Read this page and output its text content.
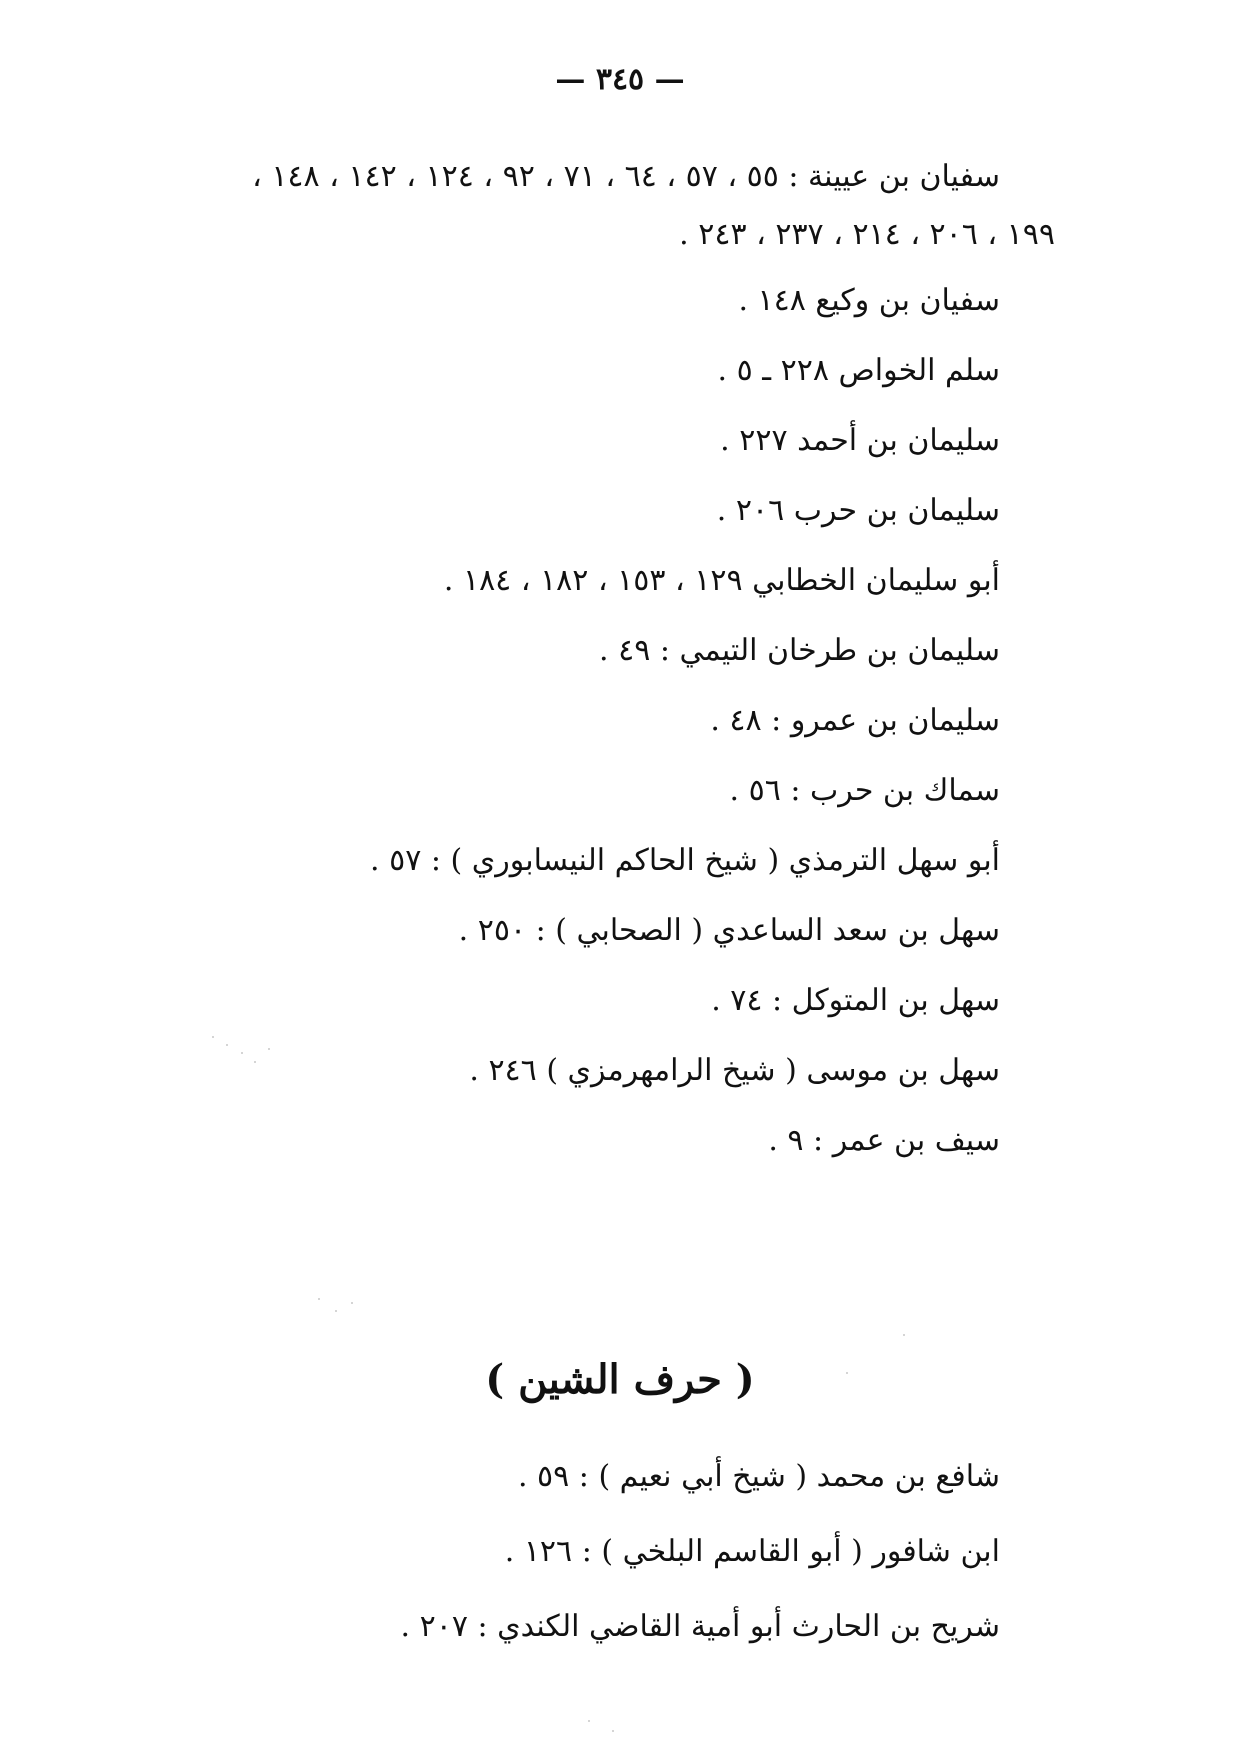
— ٣٤٥ —
سفيان بن عيينة : ٥٥ ، ٥٧ ، ٦٤ ، ٧١ ، ٩٢ ، ١٢٤ ، ١٤٢ ، ١٤٨ ،
١٩٩ ، ٢٠٦ ، ٢١٤ ، ٢٣٧ ، ٢٤٣ .
سفيان بن وكيع ١٤٨ .
سلم الخواص ٢٢٨ ـ ٥ .
سليمان بن أحمد ٢٢٧ .
سليمان بن حرب ٢٠٦ .
أبو سليمان الخطابي ١٢٩ ، ١٥٣ ، ١٨٢ ، ١٨٤ .
سليمان بن طرخان التيمي : ٤٩ .
سليمان بن عمرو : ٤٨ .
سماك بن حرب : ٥٦ .
أبو سهل الترمذي ( شيخ الحاكم النيسابوري ) : ٥٧ .
سهل بن سعد الساعدي ( الصحابي ) : ٢٥٠ .
سهل بن المتوكل : ٧٤ .
سهل بن موسى ( شيخ الرامهرمزي ) ٢٤٦ .
سيف بن عمر : ٩ .
( حرف الشين )
شافع بن محمد ( شيخ أبي نعيم ) : ٥٩ .
ابن شافور ( أبو القاسم البلخي ) : ١٢٦ .
شريح بن الحارث أبو أمية القاضي الكندي : ٢٠٧ .
